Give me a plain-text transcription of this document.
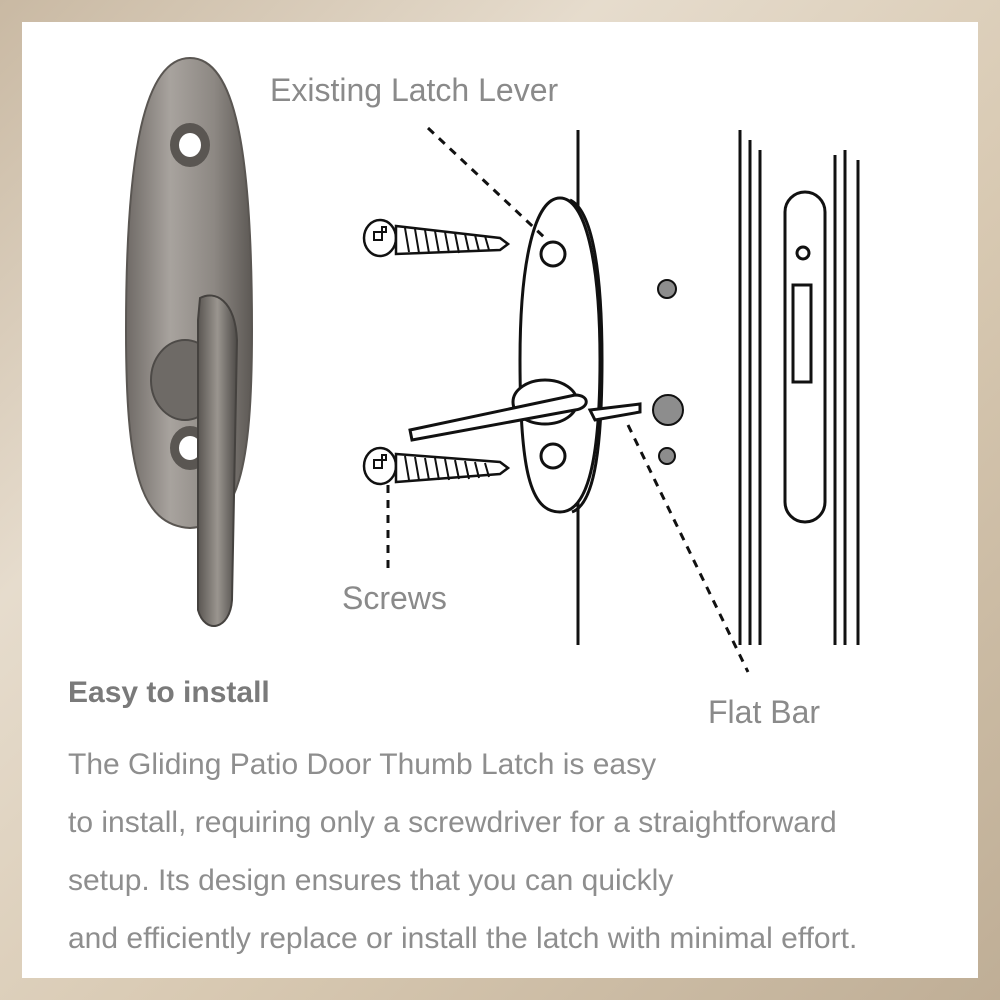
Existing Latch Lever
Screws
Flat Bar
Easy to install
The Gliding Patio Door Thumb Latch is easy
to install, requiring only a screwdriver for a straightforward
setup. Its design ensures that you can quickly
and efficiently replace or install the latch with minimal effort.
